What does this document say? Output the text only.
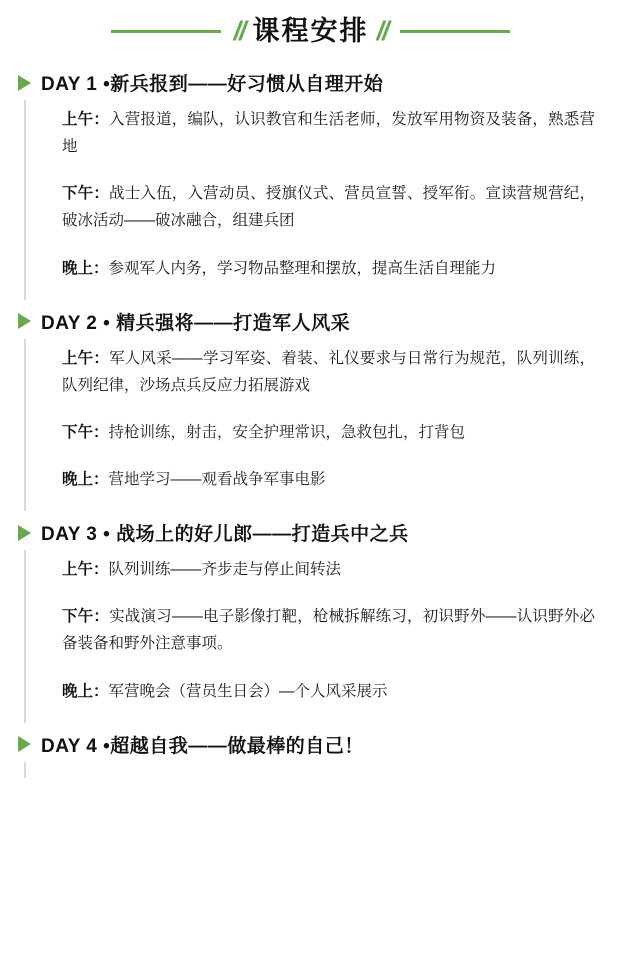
// 课程安排 //
DAY 1 •新兵报到——好习惯从自理开始

上午：入营报道，编队，认识教官和生活老师，发放军用物资及装备，熟悉营地

下午：战士入伍，入营动员、授旗仪式、营员宣誓、授军衔。宣读营规营纪，破冰活动——破冰融合，组建兵团

晚上：参观军人内务，学习物品整理和摆放，提高生活自理能力

DAY 2 • 精兵强将——打造军人风采

上午：军人风采——学习军姿、着装、礼仪要求与日常行为规范，队列训练，队列纪律，沙场点兵反应力拓展游戏

下午：持枪训练，射击，安全护理常识，急救包扎，打背包

晚上：营地学习——观看战争军事电影

DAY 3 • 战场上的好儿郎——打造兵中之兵

上午：队列训练——齐步走与停止间转法

下午：实战演习——电子影像打靶，枪械拆解练习，初识野外——认识野外必备装备和野外注意事项。

晚上：军营晚会（营员生日会）—个人风采展示

DAY 4 •超越自我——做最棒的自己！
